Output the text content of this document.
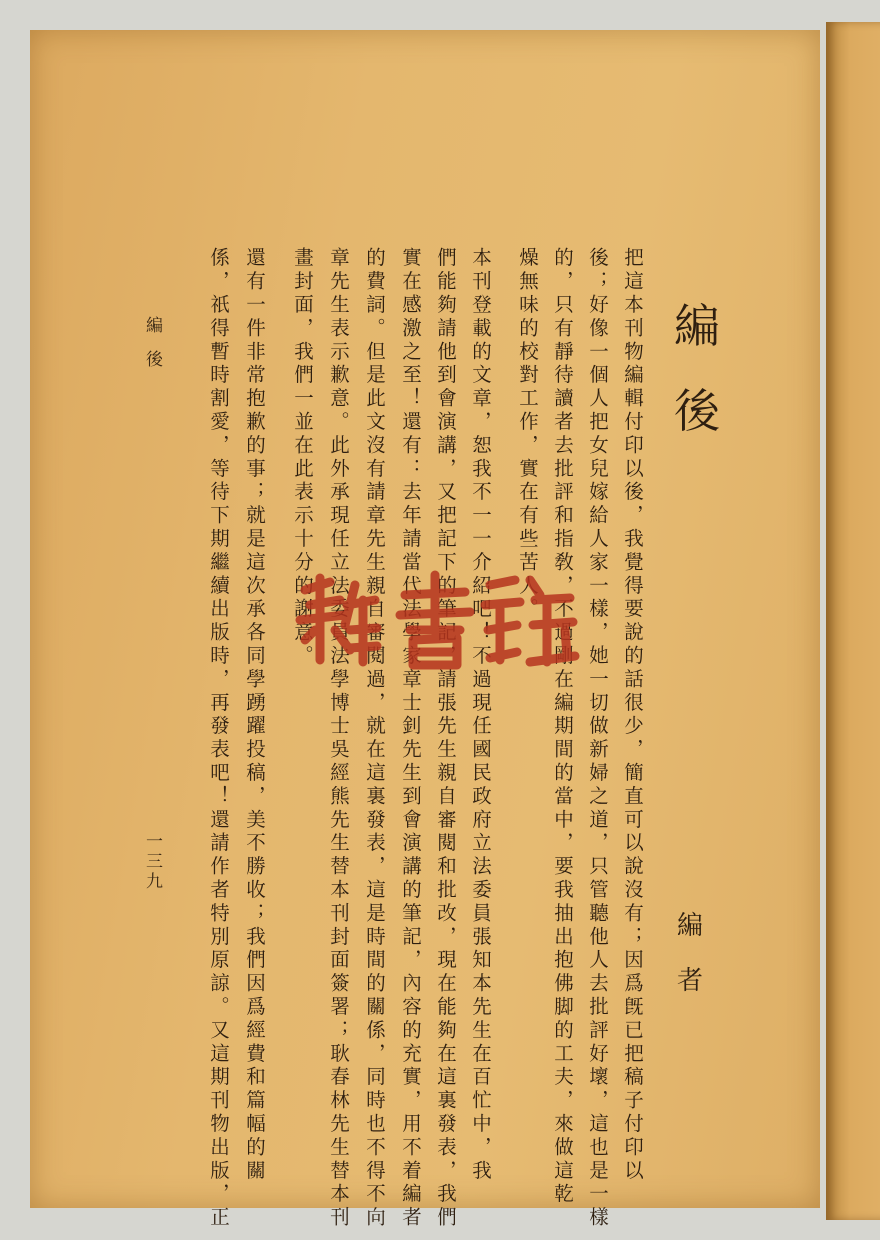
編
後
編
者
把這本刊物編輯付印以後，我覺得要說的話很少，簡直可以說沒有；因爲旣已把稿子付印以
後；好像一個人把女兒嫁給人家一樣，她一切做新婦之道，只管聽他人去批評好壞，這也是一樣
的，只有靜待讀者去批評和指敎，不過剛在編期間的當中，要我抽出抱佛脚的工夫，來做這乾
燥無味的校對工作，實在有些苦人。
本刊登載的文章，恕我不一一介紹吧！不過現任國民政府立法委員張知本先生在百忙中，我
們能夠請他到會演講，又把記下的筆記，請張先生親自審閱和批改，現在能夠在這裏發表，我們
實在感激之至！還有：去年請當代法學家章士釗先生到會演講的筆記，內容的充實，用不着編者
的費詞。但是此文沒有請章先生親自審閱過，就在這裏發表，這是時間的關係，同時也不得不向
章先生表示歉意。此外承現任立法委員法學博士吳經熊先生替本刊封面簽署；耿春林先生替本刊
畫封面，我們一並在此表示十分的謝意。
還有一件非常抱歉的事；就是這次承各同學踴躍投稿，美不勝收；我們因爲經費和篇幅的關
係，祇得暫時割愛，等待下期繼續出版時，再發表吧！還請作者特別原諒。又這期刊物出版，正
編　後
一三九
